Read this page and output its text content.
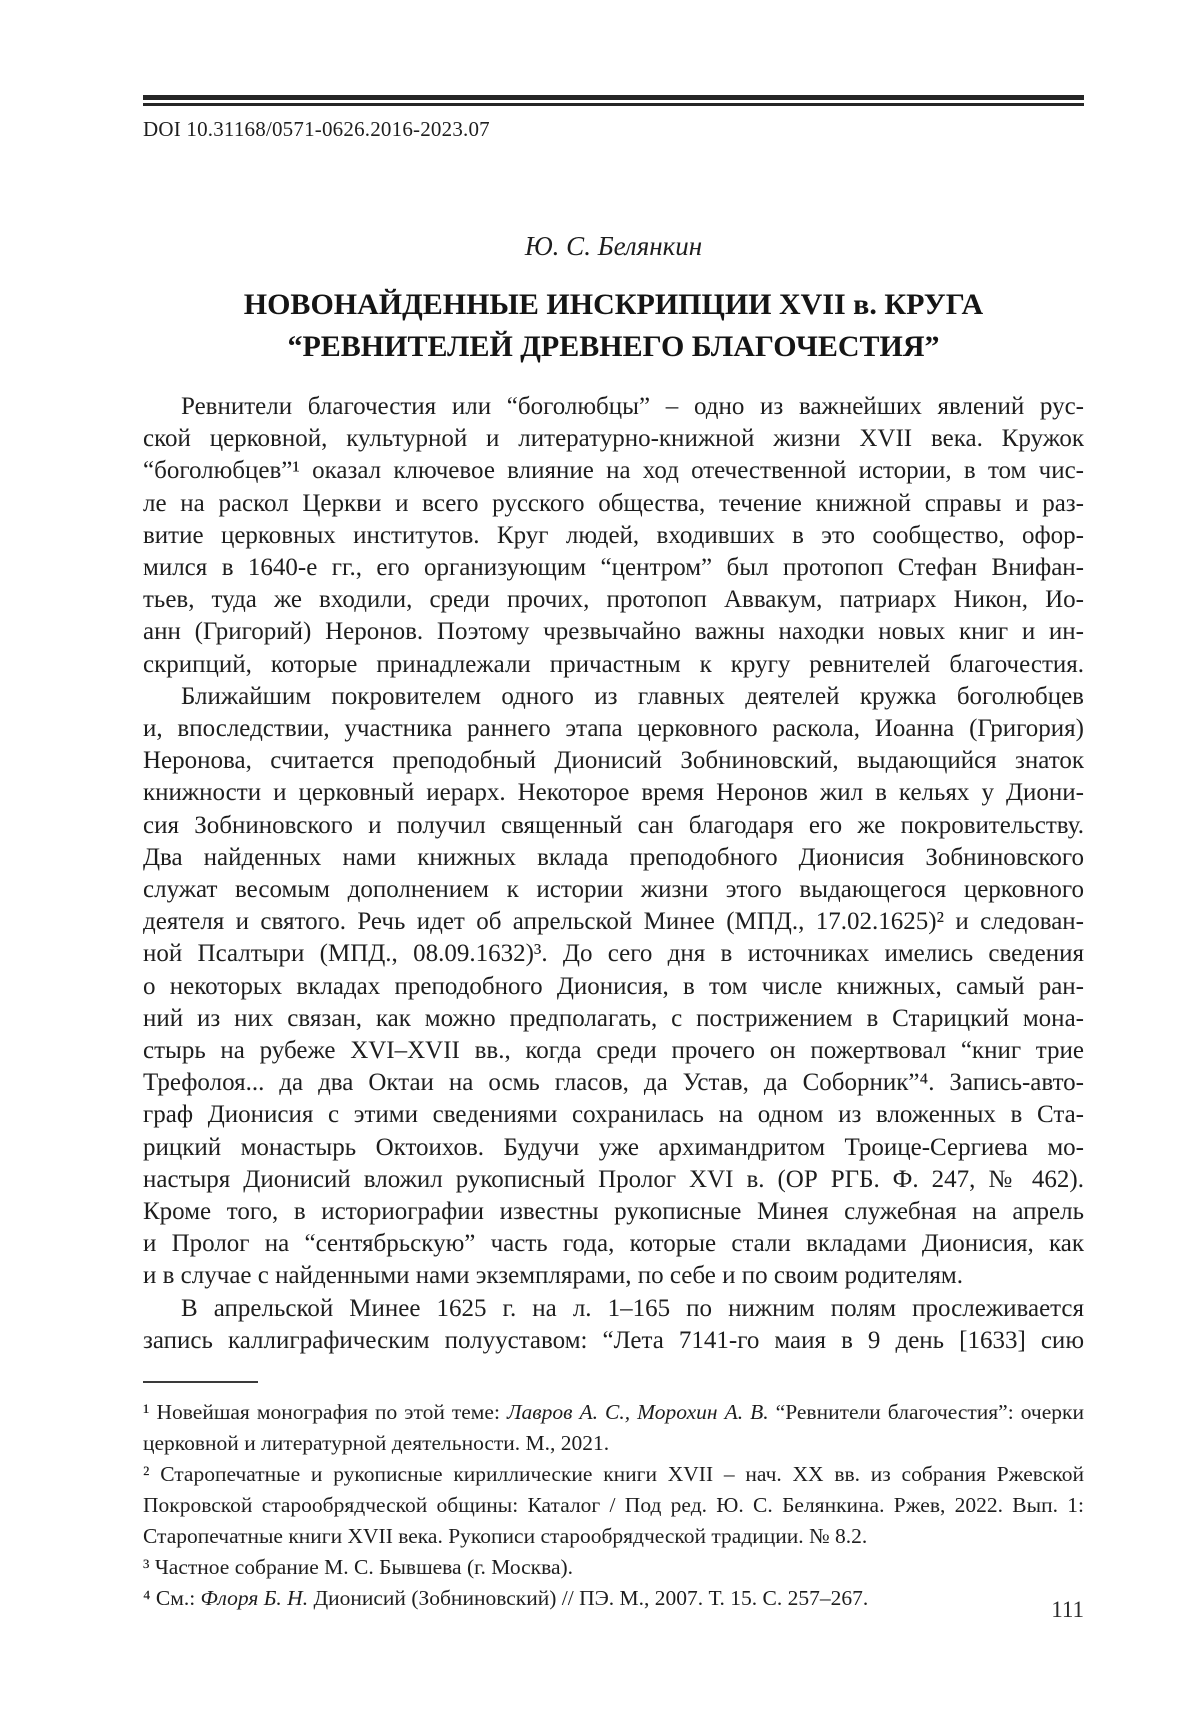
DOI 10.31168/0571-0626.2016-2023.07
Ю. С. Белянкин
НОВОНАЙДЕННЫЕ ИНСКРИПЦИИ XVII в. КРУГА
“РЕВНИТЕЛЕЙ ДРЕВНЕГО БЛАГОЧЕСТИЯ”
Ревнители благочестия или “боголюбцы” – одно из важнейших явлений рус-
ской церковной, культурной и литературно-книжной жизни XVII века. Кружок
“боголюбцев”¹ оказал ключевое влияние на ход отечественной истории, в том чис-
ле на раскол Церкви и всего русского общества, течение книжной справы и раз-
витие церковных институтов. Круг людей, входивших в это сообщество, офор-
мился в 1640-е гг., его организующим “центром” был протопоп Стефан Внифан-
тьев, туда же входили, среди прочих, протопоп Аввакум, патриарх Никон, Ио-
анн (Григорий) Неронов. Поэтому чрезвычайно важны находки новых книг и ин-
скрипций, которые принадлежали причастным к кругу ревнителей благочестия.
Ближайшим покровителем одного из главных деятелей кружка боголюбцев
и, впоследствии, участника раннего этапа церковного раскола, Иоанна (Григория)
Неронова, считается преподобный Дионисий Зобниновский, выдающийся знаток
книжности и церковный иерарх. Некоторое время Неронов жил в кельях у Диони-
сия Зобниновского и получил священный сан благодаря его же покровительству.
Два найденных нами книжных вклада преподобного Дионисия Зобниновского
служат весомым дополнением к истории жизни этого выдающегося церковного
деятеля и святого. Речь идет об апрельской Минее (МПД., 17.02.1625)² и следован-
ной Псалтыри (МПД., 08.09.1632)³. До сего дня в источниках имелись сведения
о некоторых вкладах преподобного Дионисия, в том числе книжных, самый ран-
ний из них связан, как можно предполагать, с пострижением в Старицкий мона-
стырь на рубеже XVI–XVII вв., когда среди прочего он пожертвовал “книг трие
Трефолоя... да два Октаи на осмь гласов, да Устав, да Соборник”⁴. Запись-авто-
граф Дионисия с этими сведениями сохранилась на одном из вложенных в Ста-
рицкий монастырь Октоихов. Будучи уже архимандритом Троице-Сергиева мо-
настыря Дионисий вложил рукописный Пролог XVI в. (ОР РГБ. Ф. 247, № 462).
Кроме того, в историографии известны рукописные Минея служебная на апрель
и Пролог на “сентябрьскую” часть года, которые стали вкладами Дионисия, как
и в случае с найденными нами экземплярами, по себе и по своим родителям.
В апрельской Минее 1625 г. на л. 1–165 по нижним полям прослеживается
запись каллиграфическим полууставом: “Лета 7141-го маия в 9 день [1633] сию
¹ Новейшая монография по этой теме: Лавров А. С., Морохин А. В. “Ревнители благочестия”: очерки
церковной и литературной деятельности. М., 2021.
² Старопечатные и рукописные кириллические книги XVII – нач. XX вв. из собрания Ржевской
Покровской старообрядческой общины: Каталог / Под ред. Ю. С. Белянкина. Ржев, 2022. Вып. 1:
Старопечатные книги XVII века. Рукописи старообрядческой традиции. № 8.2.
³ Частное собрание М. С. Бывшева (г. Москва).
⁴ См.: Флоря Б. Н. Дионисий (Зобниновский) // ПЭ. М., 2007. Т. 15. С. 257–267.	111
